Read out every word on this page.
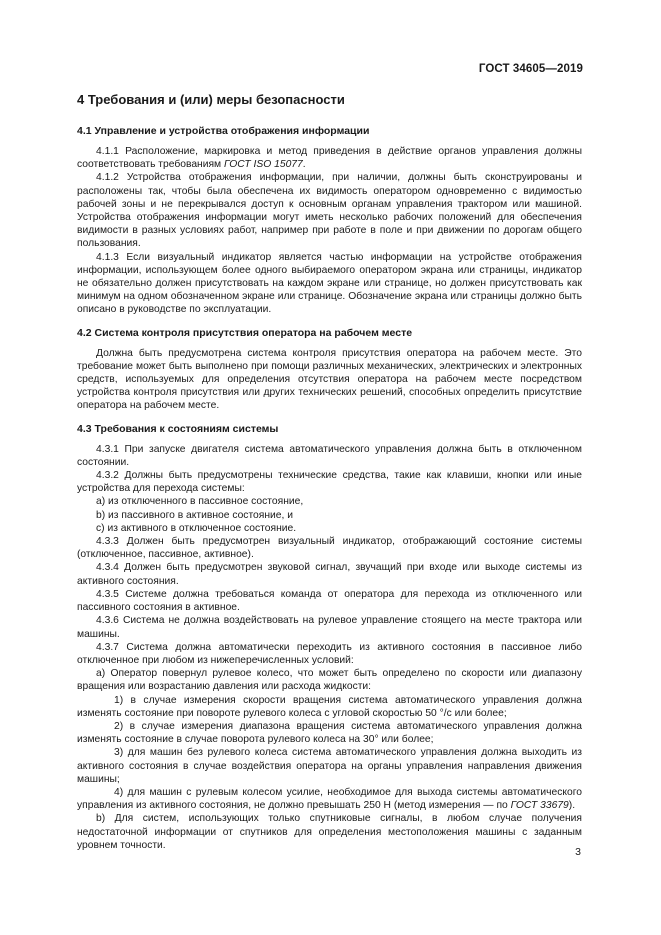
ГОСТ 34605—2019
4 Требования и (или) меры безопасности
4.1 Управление и устройства отображения информации

4.1.1 Расположение, маркировка и метод приведения в действие органов управления должны соответствовать требованиям ГОСТ ISO 15077.

4.1.2 Устройства отображения информации, при наличии, должны быть сконструированы и расположены так, чтобы была обеспечена их видимость оператором одновременно с видимостью рабочей зоны и не перекрывался доступ к основным органам управления трактором или машиной. Устройства отображения информации могут иметь несколько рабочих положений для обеспечения видимости в разных условиях работ, например при работе в поле и при движении по дорогам общего пользования.

4.1.3 Если визуальный индикатор является частью информации на устройстве отображения информации, использующем более одного выбираемого оператором экрана или страницы, индикатор не обязательно должен присутствовать на каждом экране или странице, но должен присутствовать как минимум на одном обозначенном экране или странице. Обозначение экрана или страницы должно быть описано в руководстве по эксплуатации.

4.2 Система контроля присутствия оператора на рабочем месте

Должна быть предусмотрена система контроля присутствия оператора на рабочем месте. Это требование может быть выполнено при помощи различных механических, электрических и электронных средств, используемых для определения отсутствия оператора на рабочем месте посредством устройства контроля присутствия или других технических решений, способных определить присутствие оператора на рабочем месте.

4.3 Требования к состояниям системы

4.3.1 При запуске двигателя система автоматического управления должна быть в отключенном состоянии.

4.3.2 Должны быть предусмотрены технические средства, такие как клавиши, кнопки или иные устройства для перехода системы:

a) из отключенного в пассивное состояние,

b) из пассивного в активное состояние, и

c) из активного в отключенное состояние.

4.3.3 Должен быть предусмотрен визуальный индикатор, отображающий состояние системы (отключенное, пассивное, активное).

4.3.4 Должен быть предусмотрен звуковой сигнал, звучащий при входе или выходе системы из активного состояния.

4.3.5 Системе должна требоваться команда от оператора для перехода из отключенного или пассивного состояния в активное.

4.3.6 Система не должна воздействовать на рулевое управление стоящего на месте трактора или машины.

4.3.7 Система должна автоматически переходить из активного состояния в пассивное либо отключенное при любом из нижеперечисленных условий:

a) Оператор повернул рулевое колесо, что может быть определено по скорости или диапазону вращения или возрастанию давления или расхода жидкости:

1) в случае измерения скорости вращения система автоматического управления должна изменять состояние при повороте рулевого колеса с угловой скоростью 50 °/с или более;

2) в случае измерения диапазона вращения система автоматического управления должна изменять состояние в случае поворота рулевого колеса на 30° или более;

3) для машин без рулевого колеса система автоматического управления должна выходить из активного состояния в случае воздействия оператора на органы управления направления движения машины;

4) для машин с рулевым колесом усилие, необходимое для выхода системы автоматического управления из активного состояния, не должно превышать 250 Н (метод измерения — по ГОСТ 33679).

b) Для систем, использующих только спутниковые сигналы, в любом случае получения недостаточной информации от спутников для определения местоположения машины с заданным уровнем точности.

3
